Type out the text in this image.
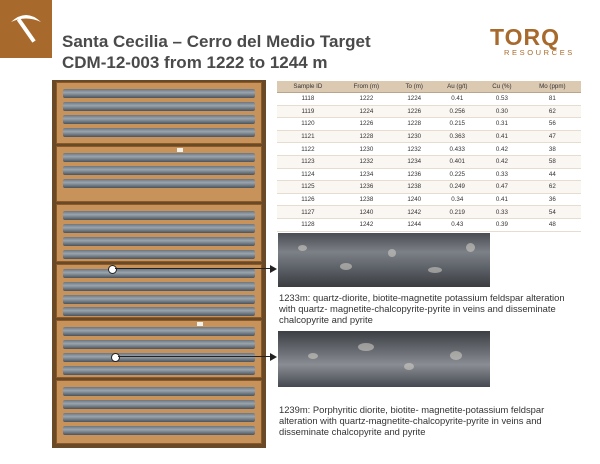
Santa Cecilia – Cerro del Medio Target
CDM-12-003 from 1222 to 1244 m
TORQ
RESOURCES
Sample ID	From (m)	To (m)	Au (g/t)	Cu (%)	Mo (ppm)
1118	1222	1224	0.41	0.53	81
1119	1224	1226	0.256	0.30	62
1120	1226	1228	0.215	0.31	56
1121	1228	1230	0.363	0.41	47
1122	1230	1232	0.433	0.42	38
1123	1232	1234	0.401	0.42	58
1124	1234	1236	0.225	0.33	44
1125	1236	1238	0.249	0.47	62
1126	1238	1240	0.34	0.41	36
1127	1240	1242	0.219	0.33	54
1128	1242	1244	0.43	0.39	48
1233m: quartz-diorite, biotite-magnetite potassium feldspar alteration with quartz- magnetite-chalcopyrite-pyrite in veins and disseminate chalcopyrite and pyrite
1239m: Porphyritic diorite, biotite- magnetite-potassium feldspar alteration with quartz-magnetite-chalcopyrite-pyrite in veins and disseminate chalcopyrite and pyrite
